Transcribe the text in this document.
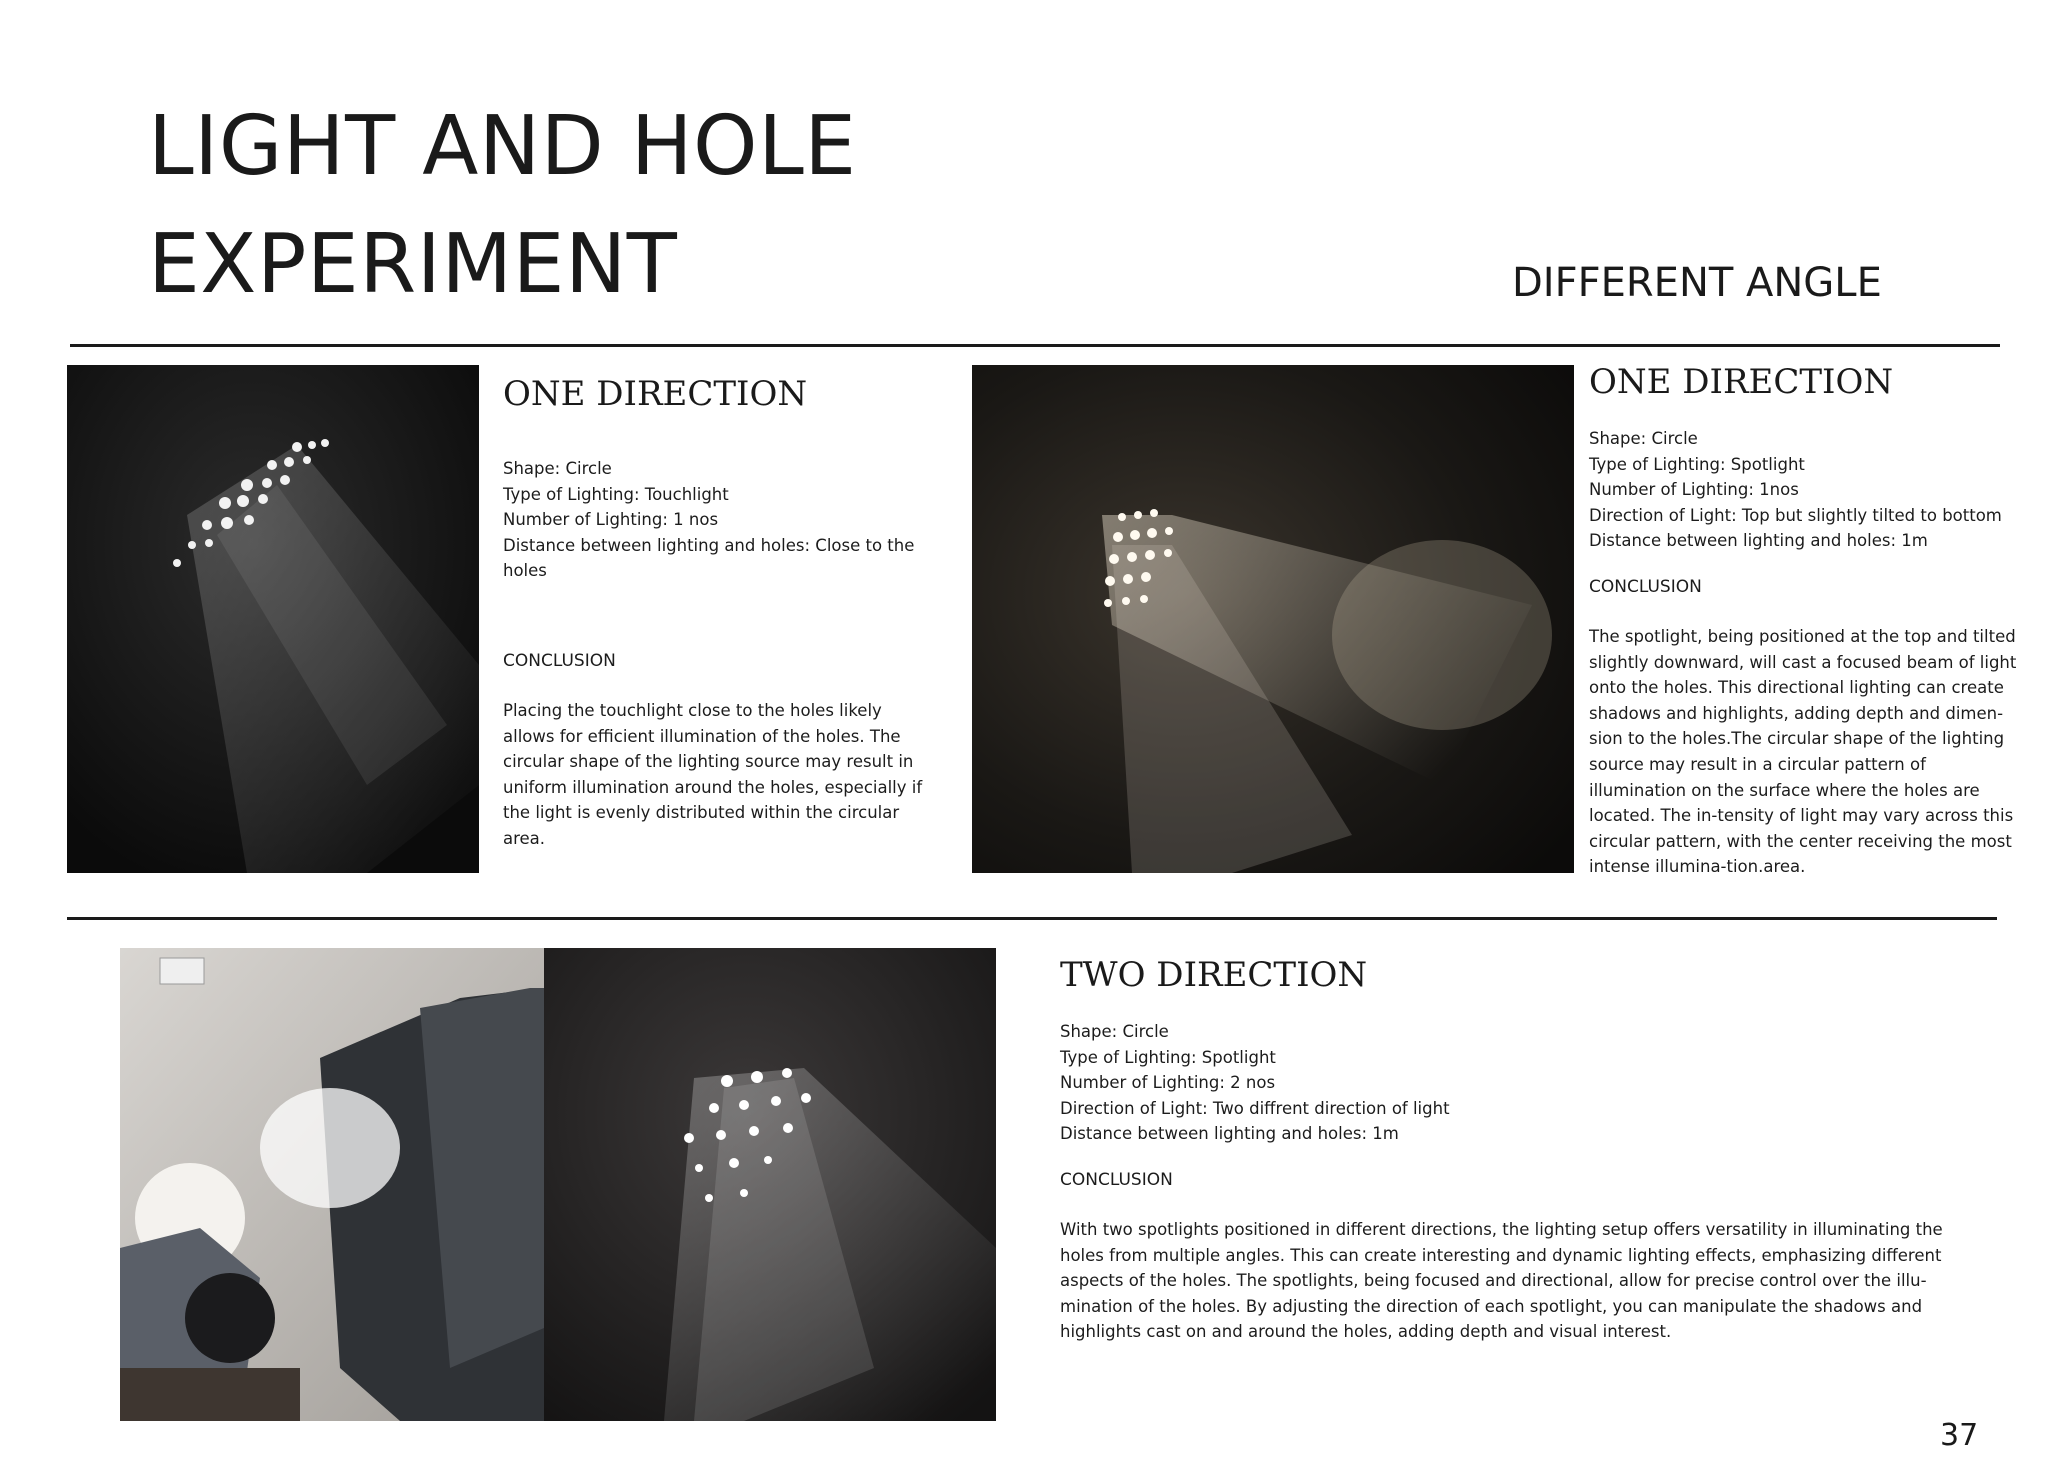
LIGHT AND HOLE
EXPERIMENT	DIFFERENT ANGLE
ONE DIRECTION

Shape: Circle

Type of Lighting: Touchlight

Number of Lighting: 1 nos

Distance between lighting and holes: Close to the holes

CONCLUSION

Placing the touchlight close to the holes likely allows for efficient illumination of the holes. The circular shape of the lighting source may result in uniform illumination around the holes, especially if the light is evenly distributed within the circular area.

ONE DIRECTION

Shape: Circle

Type of Lighting: Spotlight

Number of Lighting: 1nos

Direction of Light: Top but slightly tilted to bottom

Distance between lighting and holes: 1m

CONCLUSION

The spotlight, being positioned at the top and tilted slightly downward, will cast a focused beam of light onto the holes. This directional lighting can create shadows and highlights, adding depth and dimen-sion to the holes.The circular shape of the lighting source may result in a circular pattern of illumination on the surface where the holes are located. The in-tensity of light may vary across this circular pattern, with the center receiving the most intense illumina-tion.area.

TWO DIRECTION

Shape: Circle

Type of Lighting: Spotlight

Number of Lighting: 2 nos

Direction of Light: Two diffrent direction of light

Distance between lighting and holes: 1m

CONCLUSION

With two spotlights positioned in different directions, the lighting setup offers versatility in illuminating the holes from multiple angles. This can create interesting and dynamic lighting effects, emphasizing different aspects of the holes. The spotlights, being focused and directional, allow for precise control over the illu-mination of the holes. By adjusting the direction of each spotlight, you can manipulate the shadows and highlights cast on and around the holes, adding depth and visual interest.

37
